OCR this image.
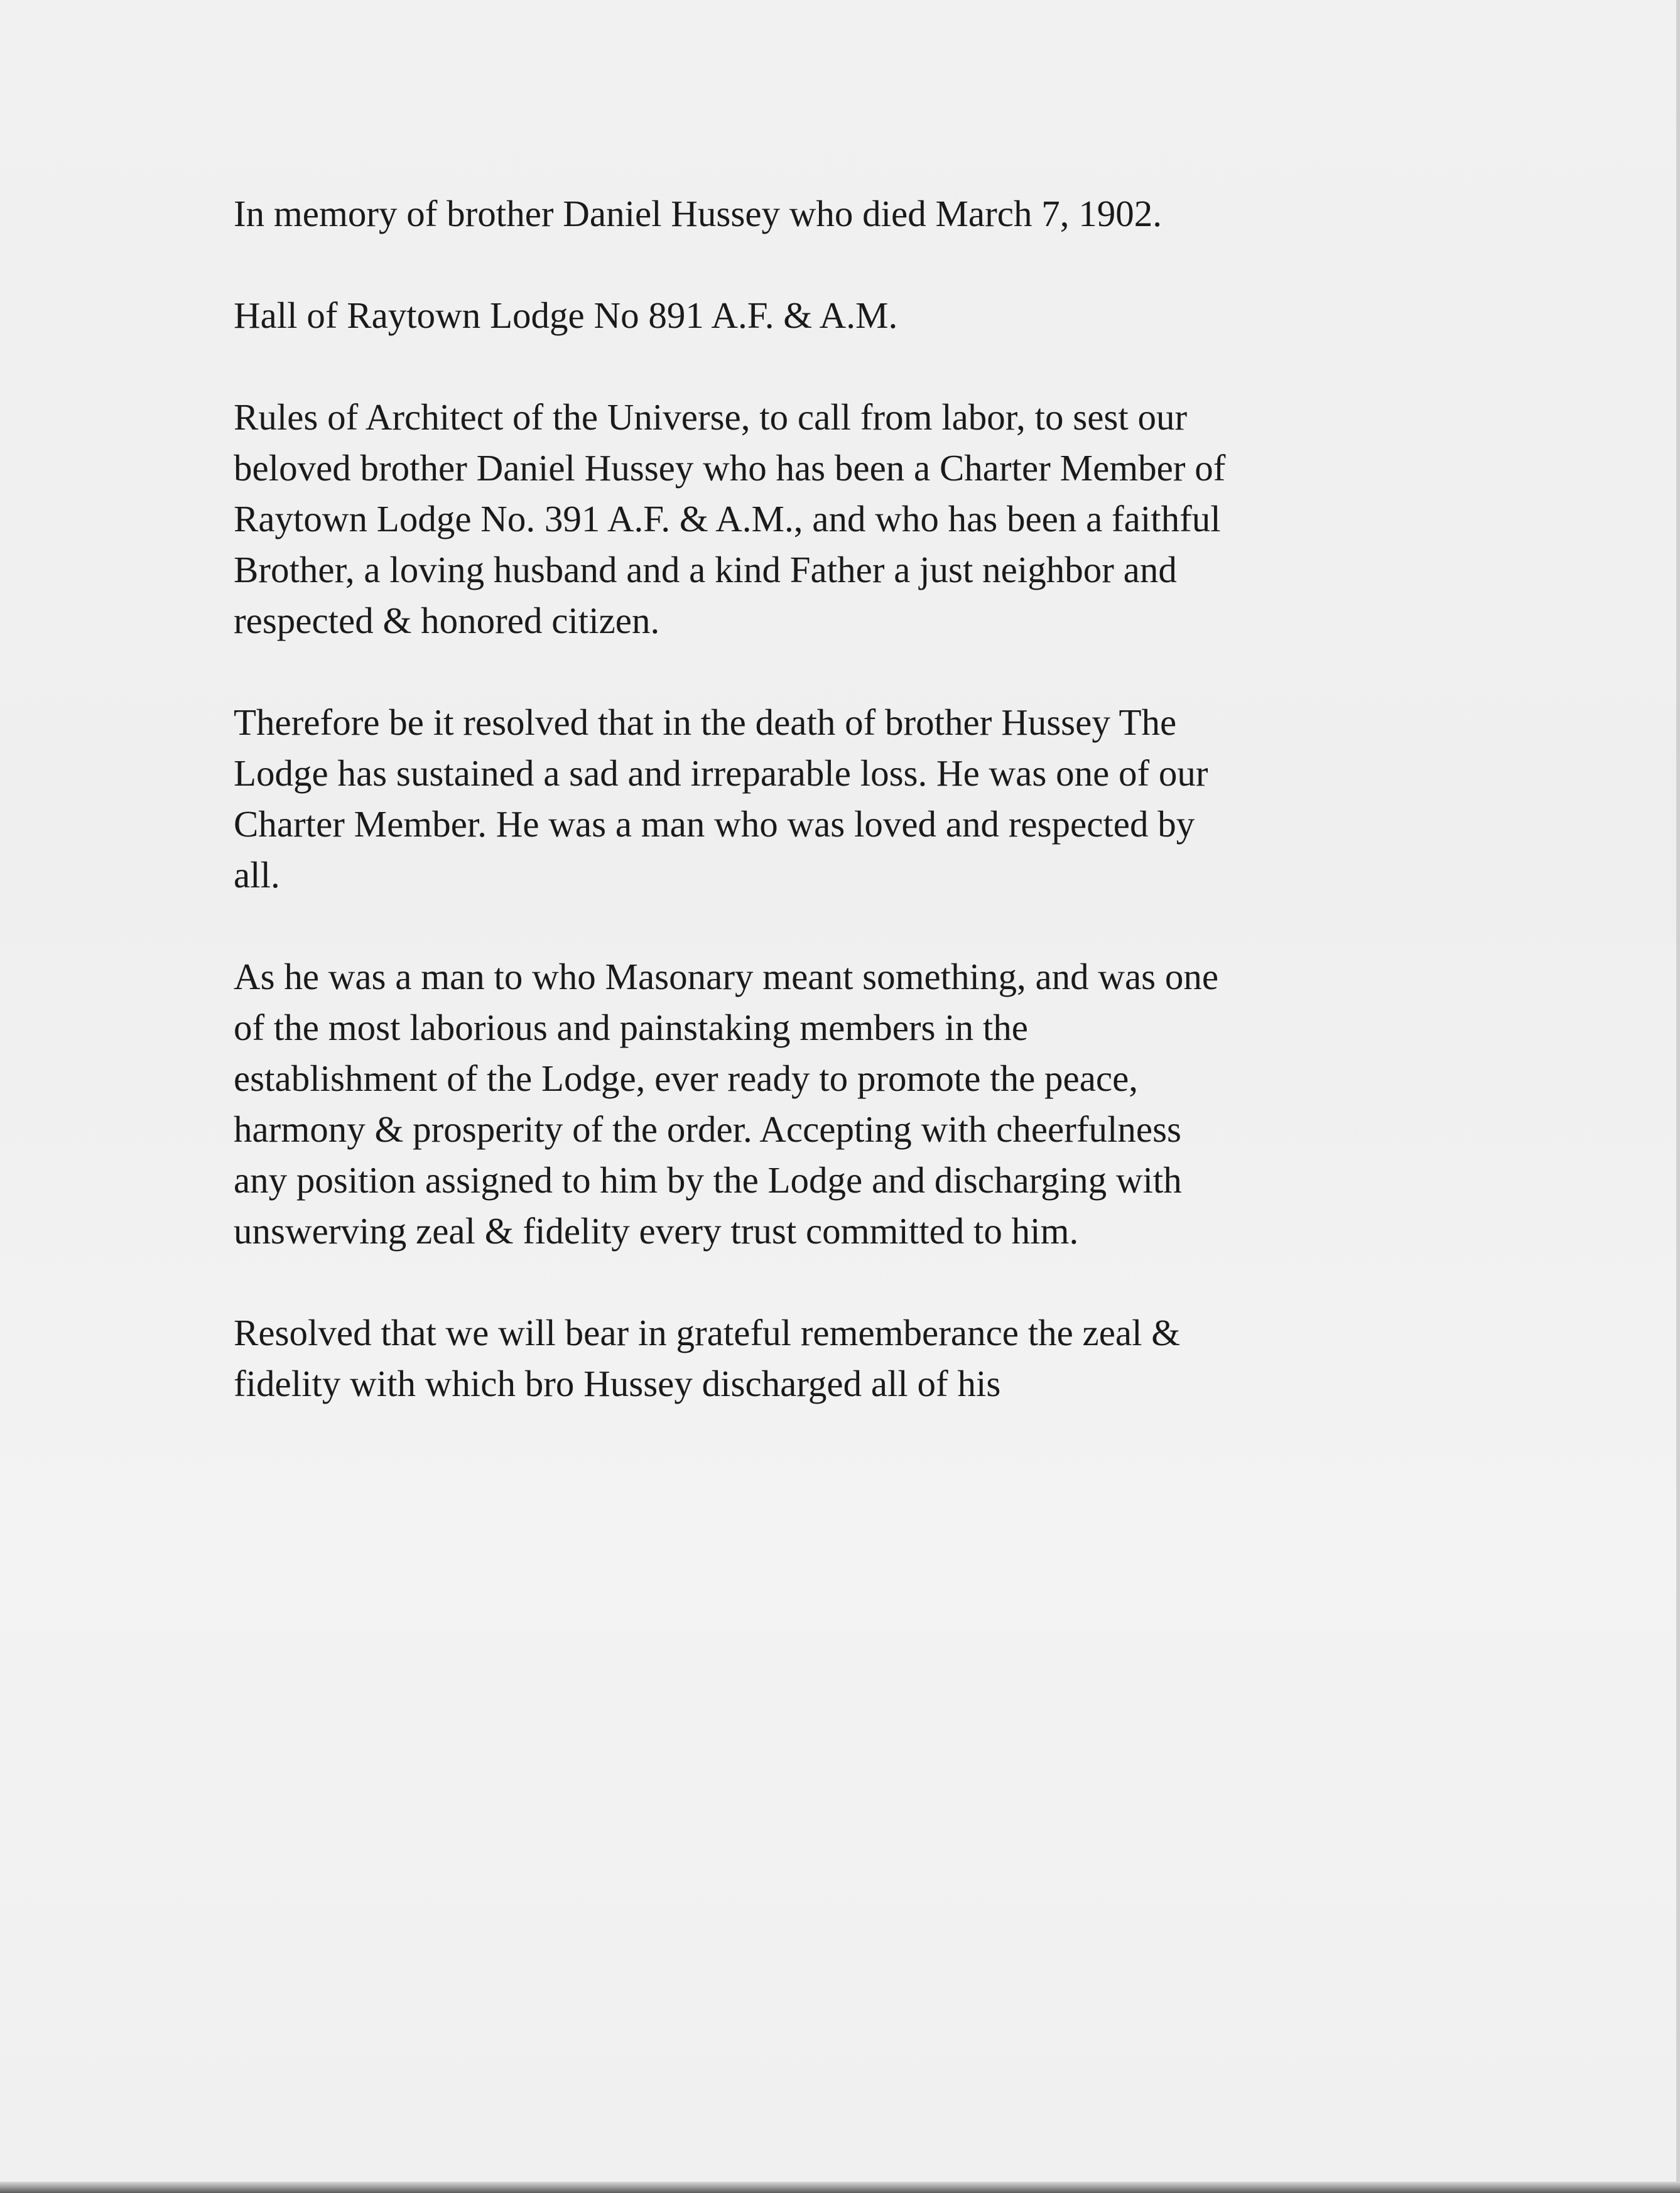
In memory of brother Daniel Hussey who died March 7, 1902.

Hall of Raytown Lodge No 891 A.F. & A.M.

Rules of Architect of the Universe, to call from labor, to sest our
beloved brother Daniel Hussey who has been a Charter Member of
Raytown Lodge No. 391 A.F. & A.M., and who has been a faithful
Brother, a loving husband and a kind Father a just neighbor and
respected & honored citizen.

Therefore be it resolved that in the death of brother Hussey The
Lodge has sustained a sad and irreparable loss. He was one of our
Charter Member. He was a man who was loved and respected by
all.

As he was a man to who Masonary meant something, and was one
of the most laborious and painstaking members in the
establishment of the Lodge, ever ready to promote the peace,
harmony & prosperity of the order. Accepting with cheerfulness
any position assigned to him by the Lodge and discharging with
unswerving zeal & fidelity every trust committed to him.

Resolved that we will bear in grateful rememberance the zeal &
fidelity with which bro Hussey discharged all of his
